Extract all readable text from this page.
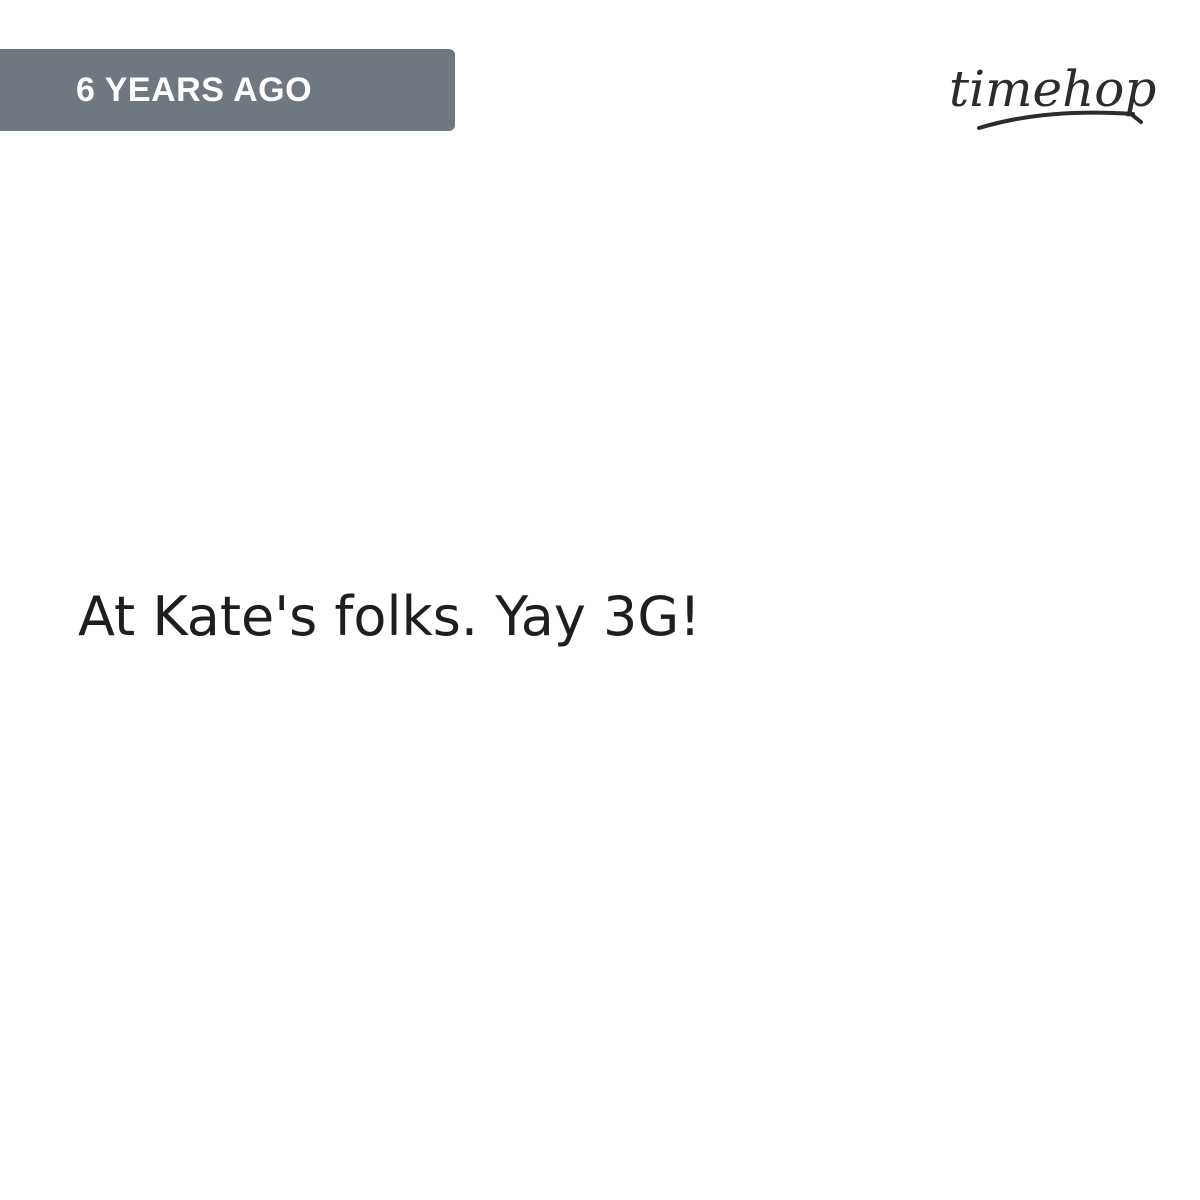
6 YEARS AGO	timehop

At Kate's folks. Yay 3G!
